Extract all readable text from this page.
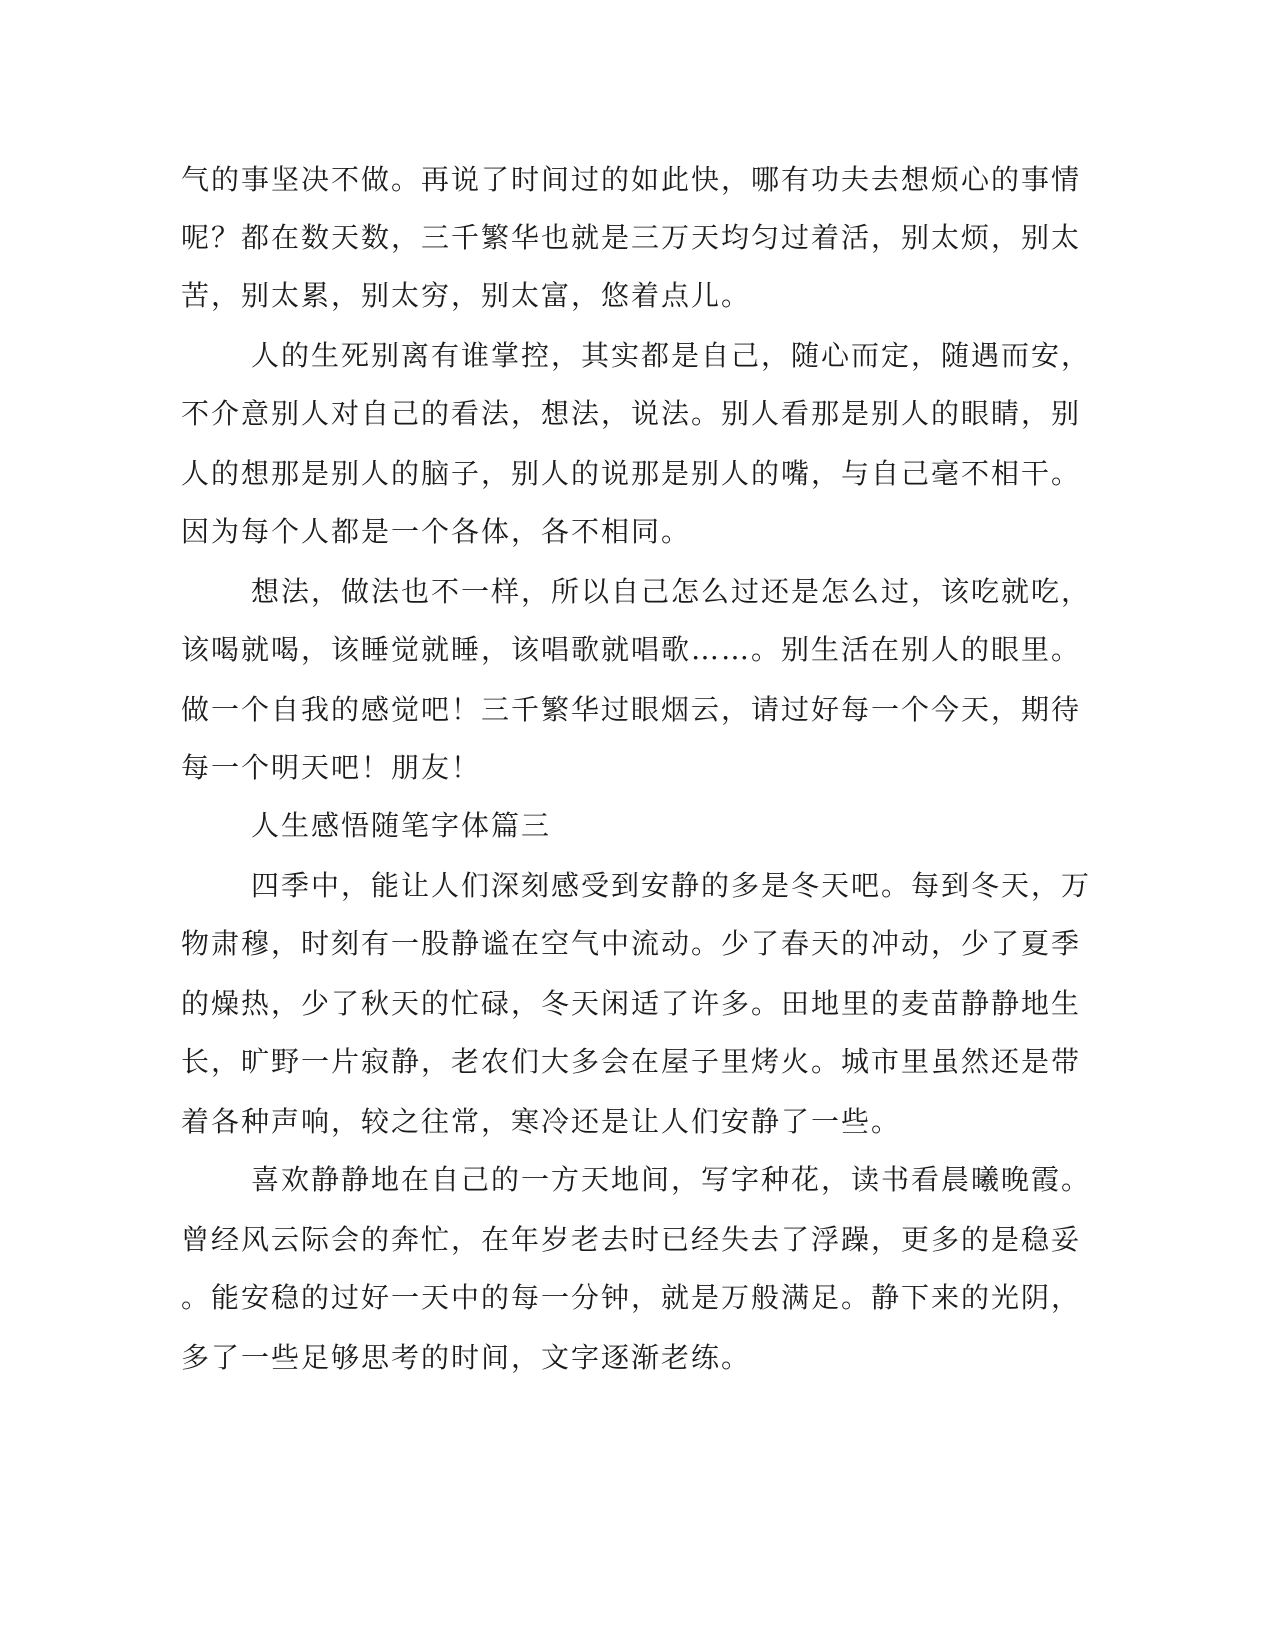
气的事坚决不做。再说了时间过的如此快，哪有功夫去想烦心的事情

呢？都在数天数，三千繁华也就是三万天均匀过着活，别太烦，别太

苦，别太累，别太穷，别太富，悠着点儿。

人的生死别离有谁掌控，其实都是自己，随心而定，随遇而安，

不介意别人对自己的看法，想法，说法。别人看那是别人的眼睛，别

人的想那是别人的脑子，别人的说那是别人的嘴，与自己毫不相干。

因为每个人都是一个各体，各不相同。

想法，做法也不一样，所以自己怎么过还是怎么过，该吃就吃，

该喝就喝，该睡觉就睡，该唱歌就唱歌……。别生活在别人的眼里。

做一个自我的感觉吧！三千繁华过眼烟云，请过好每一个今天，期待

每一个明天吧！朋友！

人生感悟随笔字体篇三

四季中，能让人们深刻感受到安静的多是冬天吧。每到冬天，万

物肃穆，时刻有一股静谧在空气中流动。少了春天的冲动，少了夏季

的燥热，少了秋天的忙碌，冬天闲适了许多。田地里的麦苗静静地生

长，旷野一片寂静，老农们大多会在屋子里烤火。城市里虽然还是带

着各种声响，较之往常，寒冷还是让人们安静了一些。

喜欢静静地在自己的一方天地间，写字种花，读书看晨曦晚霞。

曾经风云际会的奔忙，在年岁老去时已经失去了浮躁，更多的是稳妥

。能安稳的过好一天中的每一分钟，就是万般满足。静下来的光阴，

多了一些足够思考的时间，文字逐渐老练。
